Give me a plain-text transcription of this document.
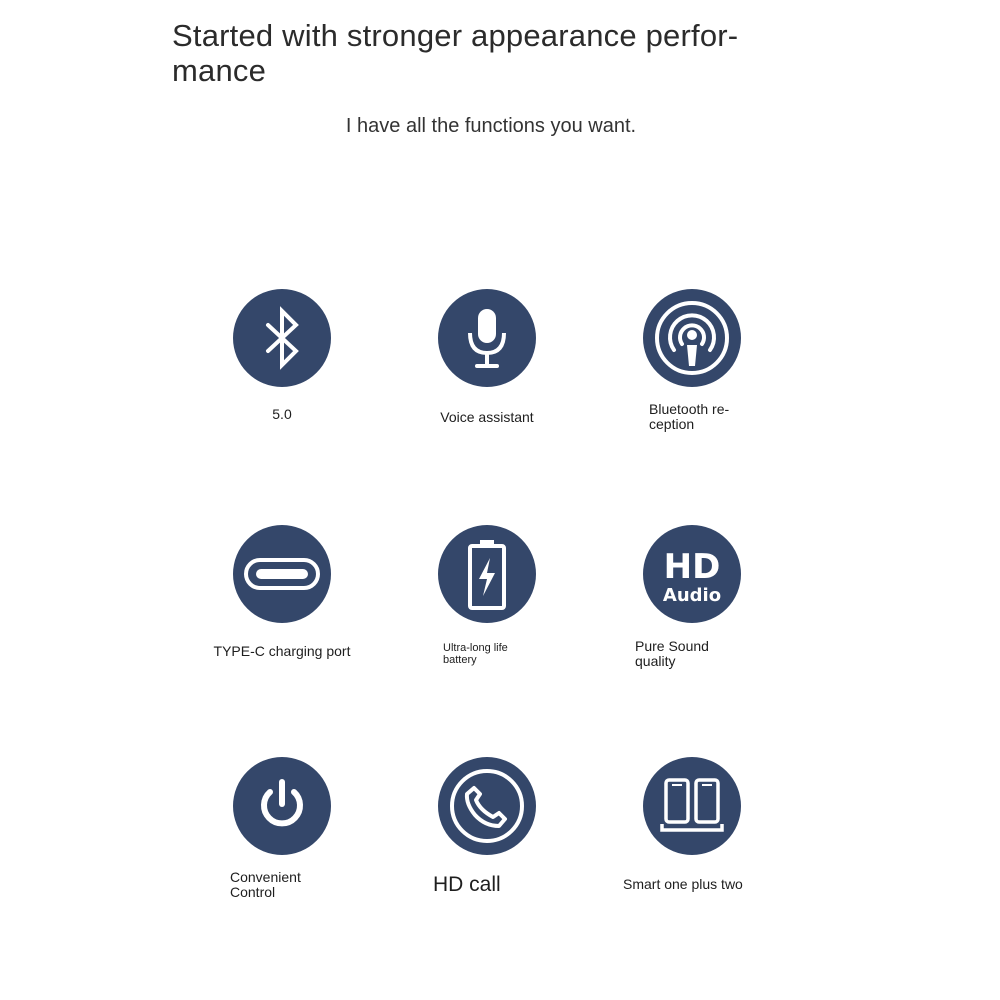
Started with stronger appearance perfor-
mance

I have all the functions you want.

5.0	Voice assistant	Bluetooth re-
ception
TYPE-C charging port	Ultra-long life
battery
HD
Audio
Pure Sound
quality
Convenient
Control	HD call	Smart one plus two
